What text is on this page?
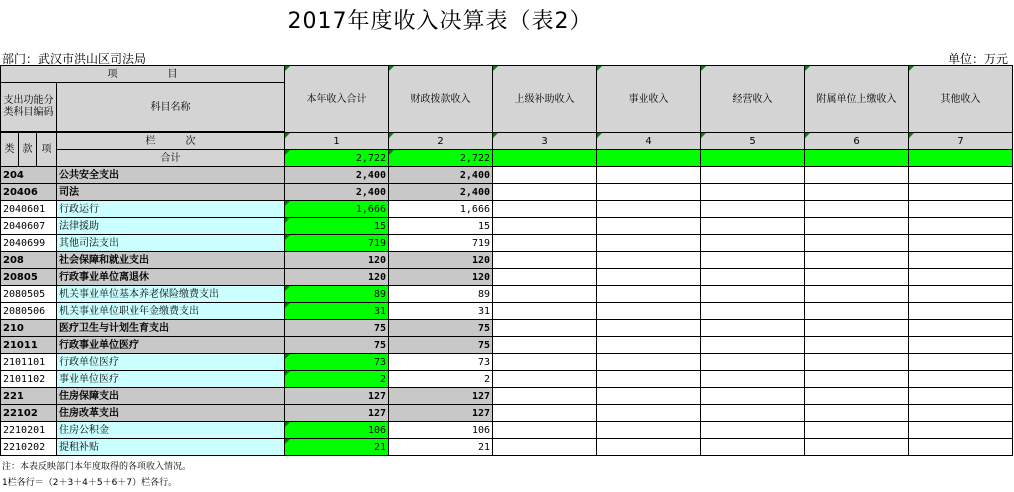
2017年度收入决算表（表2）
部门：武汉市洪山区司法局	单位：万元
项　　　　　目				本年收入合计	财政拨款收入	上级补助收入	事业收入	经营收入	附属单位上缴收入	其他收入
支出功能分类科目编码			科目名称							

类	款	项	栏　　　次	1	2	3	4	5	6	7
			合计	2,722	2,722					
204			公共安全支出	2,400	2,400					
20406			司法	2,400	2,400					
2040601			行政运行	1,666	1,666					
2040607			法律援助	15	15					
2040699			其他司法支出	719	719					
208			社会保障和就业支出	120	120					
20805			行政事业单位离退休	120	120					
2080505			机关事业单位基本养老保险缴费支出	89	89					
2080506			机关事业单位职业年金缴费支出	31	31					
210			医疗卫生与计划生育支出	75	75					
21011			行政事业单位医疗	75	75					
2101101			行政单位医疗	73	73					
2101102			事业单位医疗	2	2					
221			住房保障支出	127	127					
22102			住房改革支出	127	127					
2210201			住房公积金	106	106					
2210202			提租补贴	21	21					
注：本表反映部门本年度取得的各项收入情况。
1栏各行＝（2＋3＋4＋5＋6＋7）栏各行。
